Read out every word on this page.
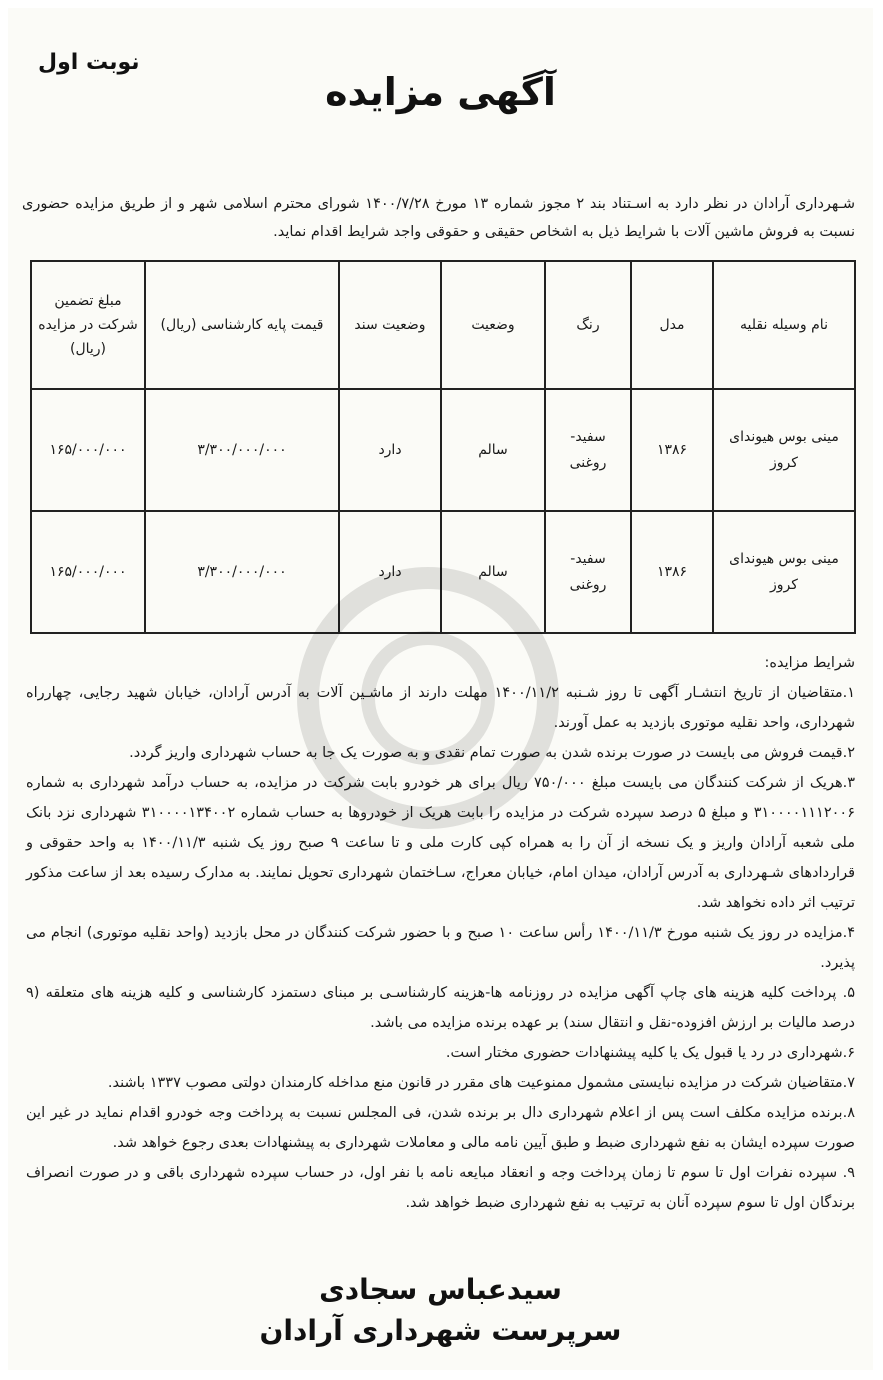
نوبت اول
آگهی مزایده
شـهرداری آرادان در نظر دارد به اسـتناد بند ۲ مجوز شماره ۱۳ مورخ ۱۴۰۰/۷/۲۸ شورای محترم اسلامی شهر و از طریق مزایده حضوری نسبت به فروش ماشین آلات با شرایط ذیل به اشخاص حقیقی و حقوقی واجد شرایط اقدام نماید.
نام وسیله نقلیه	مدل	رنگ	وضعیت	وضعیت سند	قیمت پایه کارشناسی (ریال)	مبلغ تضمین شرکت در مزایده (ریال)
مینی بوس هیوندای کروز	۱۳۸۶	سفید- روغنی	سالم	دارد	۳/۳۰۰/۰۰۰/۰۰۰	۱۶۵/۰۰۰/۰۰۰
مینی بوس هیوندای کروز	۱۳۸۶	سفید- روغنی	سالم	دارد	۳/۳۰۰/۰۰۰/۰۰۰	۱۶۵/۰۰۰/۰۰۰

شرایط مزایده:

۱.متقاضیان از تاریخ انتشـار آگهی تا روز شـنبه ۱۴۰۰/۱۱/۲ مهلت دارند از ماشـین آلات به آدرس آرادان، خیابان شهید رجایی، چهارراه شهرداری، واحد نقلیه موتوری بازدید به عمل آورند.

۲.قیمت فروش می بایست در صورت برنده شدن به صورت تمام نقدی و به صورت یک جا به حساب شهرداری واریز گردد.

۳.هریک از شرکت کنندگان می بایست مبلغ ۷۵۰/۰۰۰ ریال برای هر خودرو بابت شرکت در مزایده، به حساب درآمد شهرداری به شماره ۳۱۰۰۰۰۱۱۱۲۰۰۶ و مبلغ ۵ درصد سپرده شرکت در مزایده را بابت هریک از خودروها به حساب شماره ۳۱۰۰۰۰۱۳۴۰۰۲ شهرداری نزد بانک ملی شعبه آرادان واریز و یک نسخه از آن را به همراه کپی کارت ملی و تا ساعت ۹ صبح روز یک شنبه ۱۴۰۰/۱۱/۳ به واحد حقوقی و قراردادهای شـهرداری به آدرس آرادان، میدان امام، خیابان معراج، سـاختمان شهرداری تحویل نمایند. به مدارک رسیده بعد از ساعت مذکور ترتیب اثر داده نخواهد شد.

۴.مزایده در روز یک شنبه مورخ ۱۴۰۰/۱۱/۳ رأس ساعت ۱۰ صبح و با حضور شرکت کنندگان در محل بازدید (واحد نقلیه موتوری) انجام می پذیرد.

۵. پرداخت کلیه هزینه های چاپ آگهی مزایده در روزنامه ها-هزینه کارشناسـی بر مبنای دستمزد کارشناسی و کلیه هزینه های متعلقه (۹ درصد مالیات بر ارزش افزوده-نقل و انتقال سند) بر عهده برنده مزایده می باشد.

۶.شهرداری در رد یا قبول یک یا کلیه پیشنهادات حضوری مختار است.

۷.متقاضیان شرکت در مزایده نبایستی مشمول ممنوعیت های مقرر در قانون منع مداخله کارمندان دولتی مصوب ۱۳۳۷ باشند.

۸.برنده مزایده مکلف است پس از اعلام شهرداری دال بر برنده شدن، فی المجلس نسبت به پرداخت وجه خودرو اقدام نماید در غیر این صورت سپرده ایشان به نفع شهرداری ضبط و طبق آیین نامه مالی و معاملات شهرداری به پیشنهادات بعدی رجوع خواهد شد.

۹. سپرده نفرات اول تا سوم تا زمان پرداخت وجه و انعقاد مبایعه نامه با نفر اول، در حساب سپرده شهرداری باقی و در صورت انصراف برندگان اول تا سوم سپرده آنان به ترتیب به نفع شهرداری ضبط خواهد شد.

سیدعباس سجادی
سرپرست شهرداری آرادان
